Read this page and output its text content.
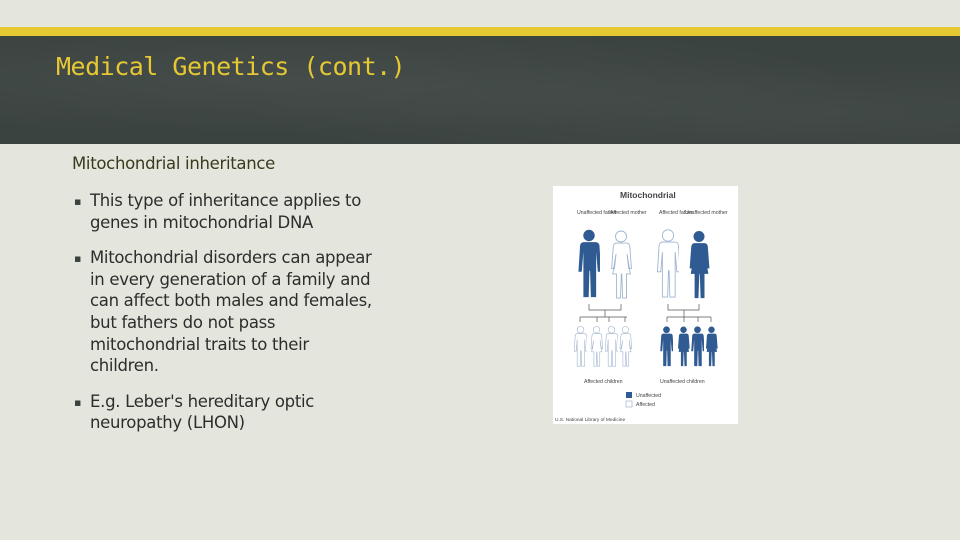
Medical Genetics (cont.)
Mitochondrial inheritance
▪ This type of inheritance applies to genes in mitochondrial DNA
▪ Mitochondrial disorders can appear in every generation of a family and can affect both males and females, but fathers do not pass mitochondrial traits to their children.
▪ E.g. Leber's hereditary optic neuropathy (LHON)
Mitochondrial
Unaffected father
Affected mother Affected father
Unaffected mother
Affected children	Unaffected children
Unaffected
Affected
U.S. National Library of Medicine
